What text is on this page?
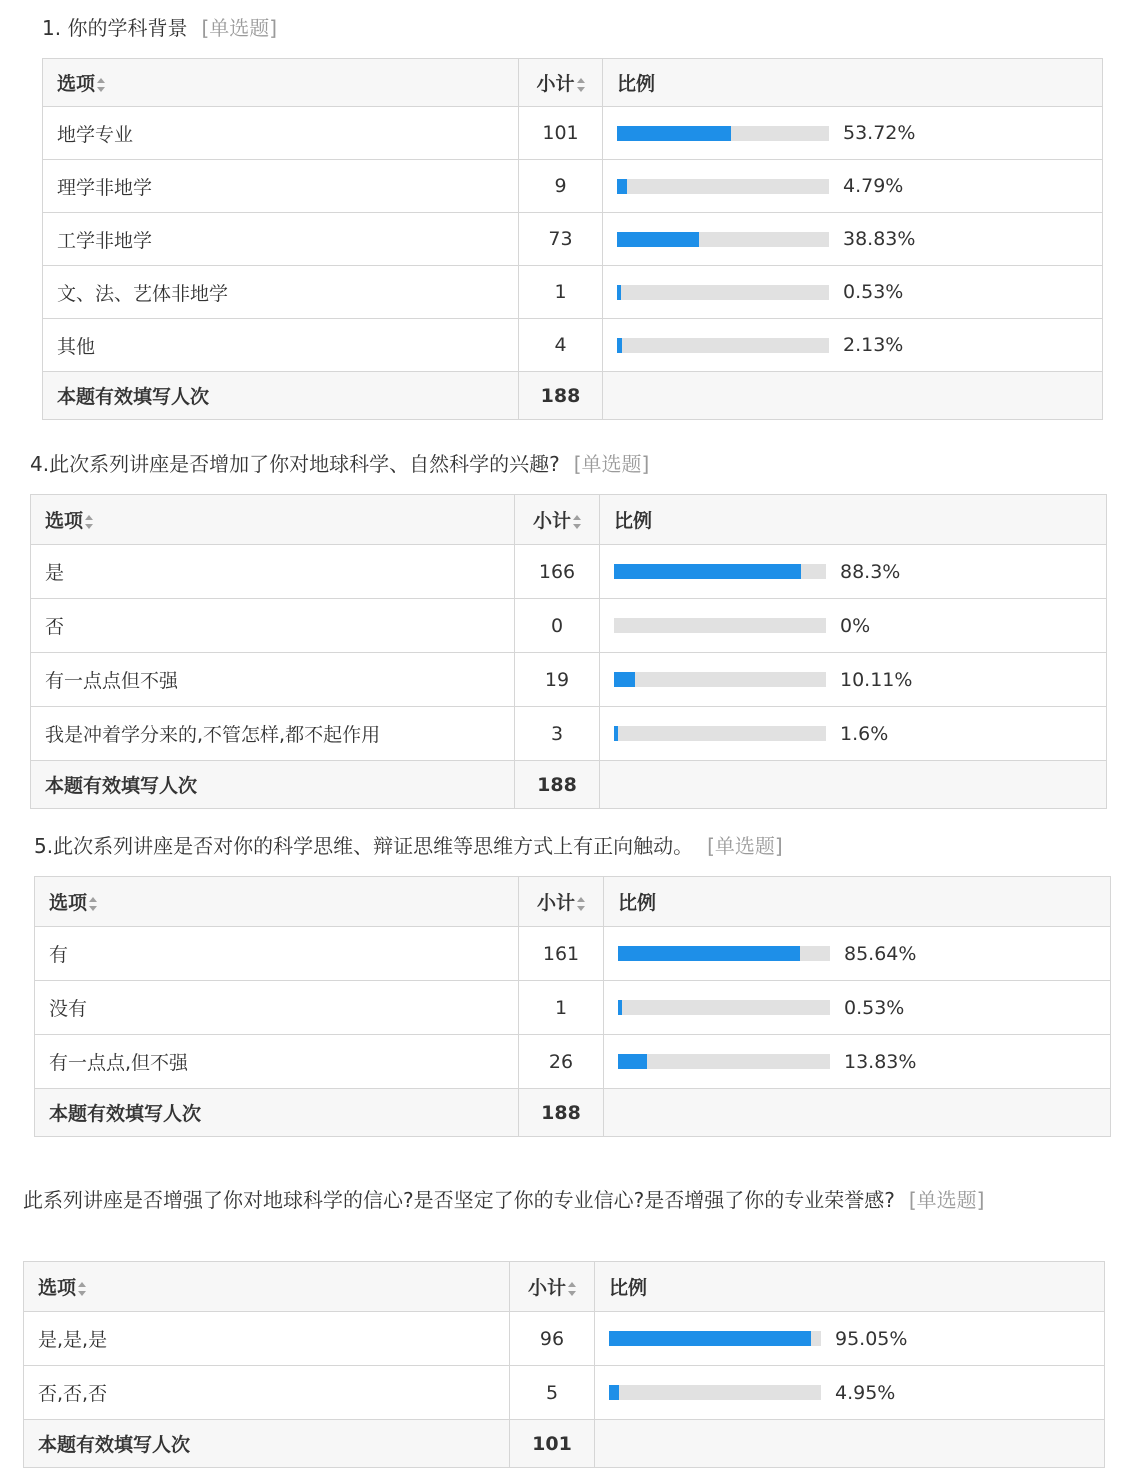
1. 你的学科背景 [单选题]
选项	小计	比例
地学专业	101	53.72%
理学非地学	9	4.79%
工学非地学	73	38.83%
文、法、艺体非地学	1	0.53%
其他	4	2.13%
本题有效填写人次	188	
4.此次系列讲座是否增加了你对地球科学、自然科学的兴趣? [单选题]
选项	小计	比例
是	166	88.3%
否	0	0%
有一点点但不强	19	10.11%
我是冲着学分来的,不管怎样,都不起作用	3	1.6%
本题有效填写人次	188	
5.此次系列讲座是否对你的科学思维、辩证思维等思维方式上有正向触动。 [单选题]
选项	小计	比例
有	161	85.64%
没有	1	0.53%
有一点点,但不强	26	13.83%
本题有效填写人次	188	
此系列讲座是否增强了你对地球科学的信心?是否坚定了你的专业信心?是否增强了你的专业荣誉感? [单选题]
选项	小计	比例
是,是,是	96	95.05%
否,否,否	5	4.95%
本题有效填写人次	101	
